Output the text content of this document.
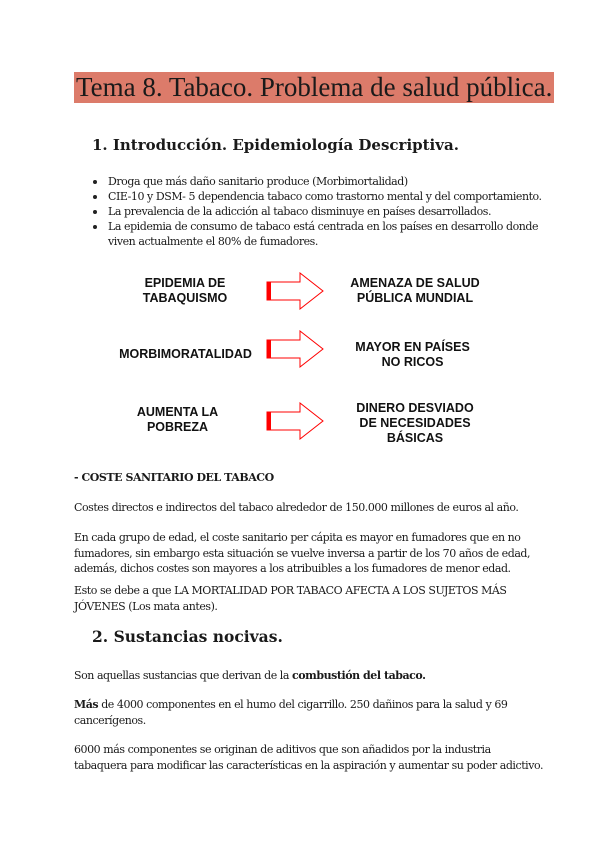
Tema 8. Tabaco. Problema de salud pública.
1. Introducción. Epidemiología Descriptiva.
Droga que más daño sanitario produce (Morbimortalidad)
CIE-10 y DSM- 5 dependencia tabaco como trastorno mental y del comportamiento.
La prevalencia de la adicción al tabaco disminuye en países desarrollados.
La epidemia de consumo de tabaco está centrada en los países en desarrollo donde viven actualmente el 80% de fumadores.
EPIDEMIA DE
TABAQUISMO
AMENAZA DE SALUD
PÚBLICA MUNDIAL
MORBIMORATALIDAD	MAYOR EN PAÍSES
NO RICOS
AUMENTA LA
POBREZA
DINERO DESVIADO
DE NECESIDADES
BÁSICAS
- COSTE SANITARIO DEL TABACO
Costes directos e indirectos del tabaco alrededor de 150.000 millones de euros al año.
En cada grupo de edad, el coste sanitario per cápita es mayor en fumadores que en no fumadores, sin embargo esta situación se vuelve inversa a partir de los 70 años de edad, además, dichos costes son mayores a los atribuibles a los fumadores de menor edad.
Esto se debe a que LA MORTALIDAD POR TABACO AFECTA A LOS SUJETOS MÁS JÓVENES (Los mata antes).
2. Sustancias nocivas.
Son aquellas sustancias que derivan de la combustión del tabaco.
Más de 4000 componentes en el humo del cigarrillo. 250 dañinos para la salud y 69 cancerígenos.
6000 más componentes se originan de aditivos que son añadidos por la industria tabaquera para modificar las características en la aspiración y aumentar su poder adictivo.
